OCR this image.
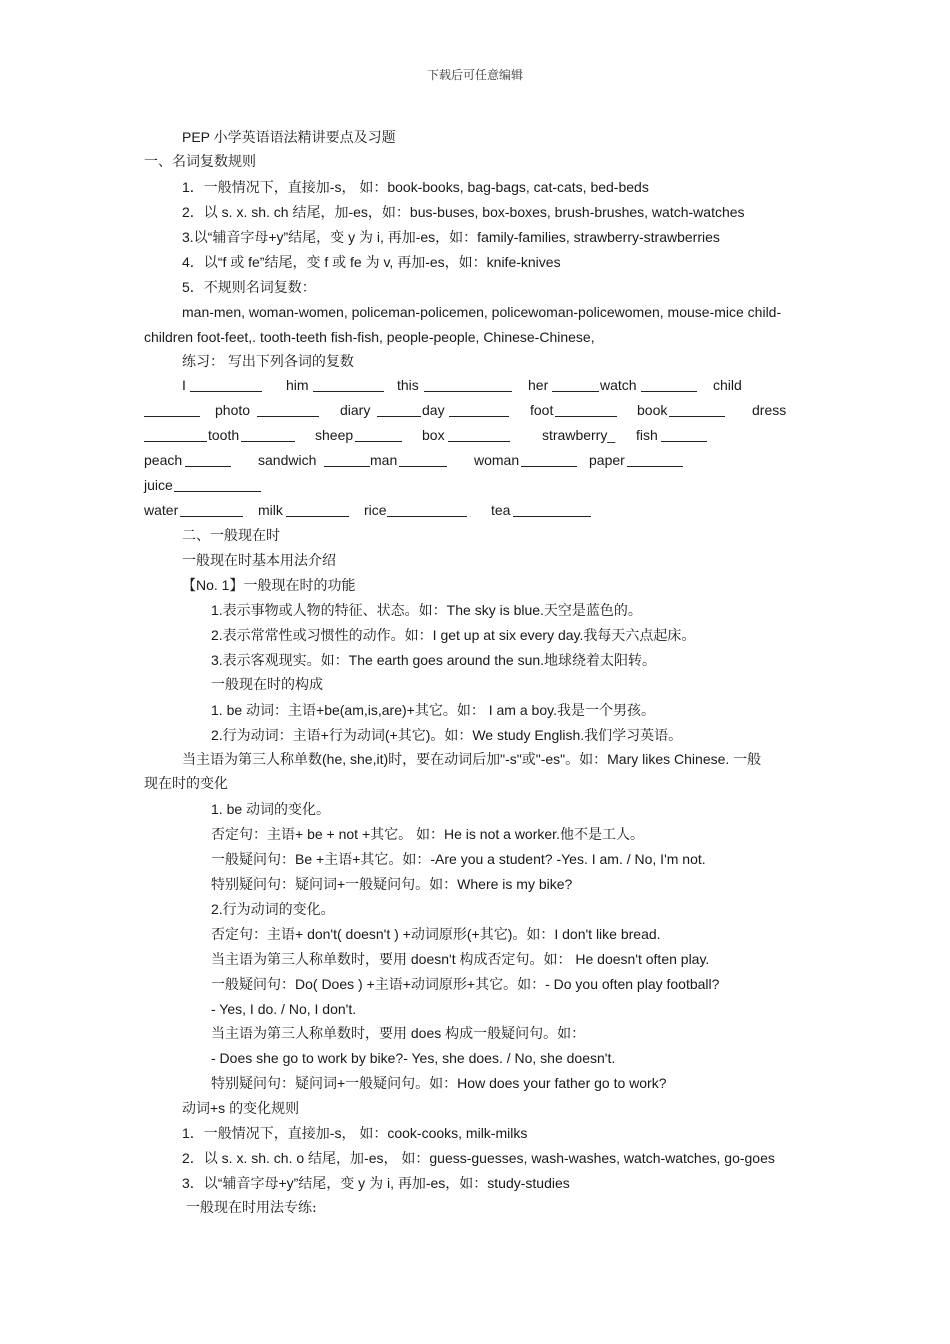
下载后可任意编辑
PEP 小学英语语法精讲要点及习题
一、名词复数规则
1．一般情况下，直接加-s， 如：book-books, bag-bags, cat-cats, bed-beds
2．以 s. x. sh. ch 结尾，加-es，如：bus-buses, box-boxes, brush-brushes, watch-watches
3.以“辅音字母+y”结尾，变 y 为 i, 再加-es，如：family-families, strawberry-strawberries
4．以“f 或 fe”结尾，变 f 或 fe 为 v, 再加-es，如：knife-knives
5．不规则名词复数：
man-men, woman-women, policeman-policemen, policewoman-policewomen, mouse-mice child-
children foot-feet,. tooth-teeth fish-fish, people-people, Chinese-Chinese,
练习： 写出下列各词的复数
I	him	this	her	watch	child
photo	diary	day	foot	book	dress
tooth	sheep	box	strawberry_ fish
peach	sandwich	man	woman	paper
juice
water	milk	rice	tea
二、一般现在时
一般现在时基本用法介绍
【No. 1】一般现在时的功能
1.表示事物或人物的特征、状态。如：The sky is blue.天空是蓝色的。
2.表示常常性或习惯性的动作。如：I get up at six every day.我每天六点起床。
3.表示客观现实。如：The earth goes around the sun.地球绕着太阳转。
一般现在时的构成
1. be 动词：主语+be(am,is,are)+其它。如： I am a boy.我是一个男孩。
2.行为动词：主语+行为动词(+其它)。如：We study English.我们学习英语。
当主语为第三人称单数(he, she,it)时，要在动词后加"-s"或"-es"。如：Mary likes Chinese. 一般
现在时的变化
1. be 动词的变化。
否定句：主语+ be + not +其它。 如：He is not a worker.他不是工人。
一般疑问句：Be +主语+其它。如：-Are you a student? -Yes. I am. / No, I'm not.
特别疑问句：疑问词+一般疑问句。如：Where is my bike?
2.行为动词的变化。
否定句：主语+ don't( doesn't ) +动词原形(+其它)。如：I don't like bread.
当主语为第三人称单数时，要用 doesn't 构成否定句。如： He doesn't often play.
一般疑问句：Do( Does ) +主语+动词原形+其它。如：- Do you often play football?
- Yes, I do. / No, I don't.
当主语为第三人称单数时，要用 does 构成一般疑问句。如：
- Does she go to work by bike?- Yes, she does. / No, she doesn't.
特别疑问句：疑问词+一般疑问句。如：How does your father go to work?
动词+s 的变化规则
1．一般情况下，直接加-s， 如：cook-cooks, milk-milks
2．以 s. x. sh. ch. o 结尾，加-es， 如：guess-guesses, wash-washes, watch-watches, go-goes
3．以“辅音字母+y”结尾，变 y 为 i, 再加-es，如：study-studies
一般现在时用法专练:
